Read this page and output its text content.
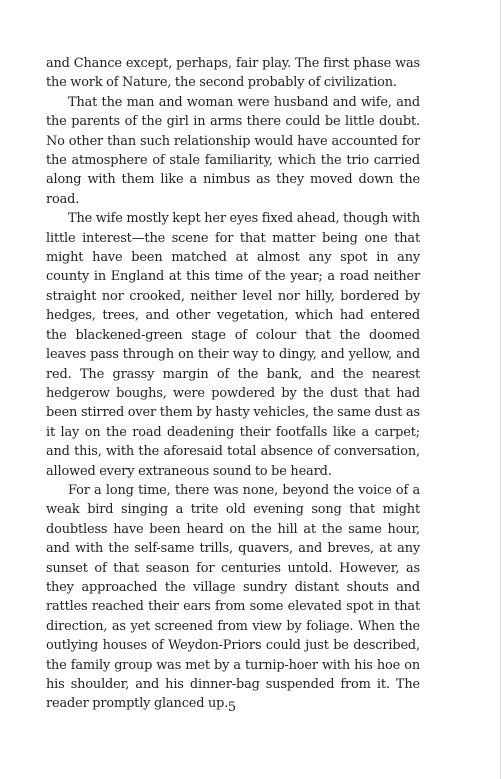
and Chance except, perhaps, fair play. The first phase was the work of Nature, the second probably of civilization.

That the man and woman were husband and wife, and the parents of the girl in arms there could be little doubt. No other than such relationship would have accounted for the atmosphere of stale familiarity, which the trio carried along with them like a nimbus as they moved down the road.

The wife mostly kept her eyes fixed ahead, though with little interest—the scene for that matter being one that might have been matched at almost any spot in any county in England at this time of the year; a road neither straight nor crooked, neither level nor hilly, bordered by hedges, trees, and other vegetation, which had entered the blackened-green stage of colour that the doomed leaves pass through on their way to dingy, and yellow, and red. The grassy margin of the bank, and the nearest hedgerow boughs, were powdered by the dust that had been stirred over them by hasty vehicles, the same dust as it lay on the road deadening their footfalls like a carpet; and this, with the aforesaid total absence of conversation, allowed every extraneous sound to be heard.

For a long time, there was none, beyond the voice of a weak bird singing a trite old evening song that might doubtless have been heard on the hill at the same hour, and with the self-same trills, quavers, and breves, at any sunset of that season for centuries untold. However, as they approached the village sundry distant shouts and rattles reached their ears from some elevated spot in that direction, as yet screened from view by foliage. When the outlying houses of Weydon-Priors could just be described, the family group was met by a turnip-hoer with his hoe on his shoulder, and his dinner-bag suspended from it. The reader promptly glanced up. 5
